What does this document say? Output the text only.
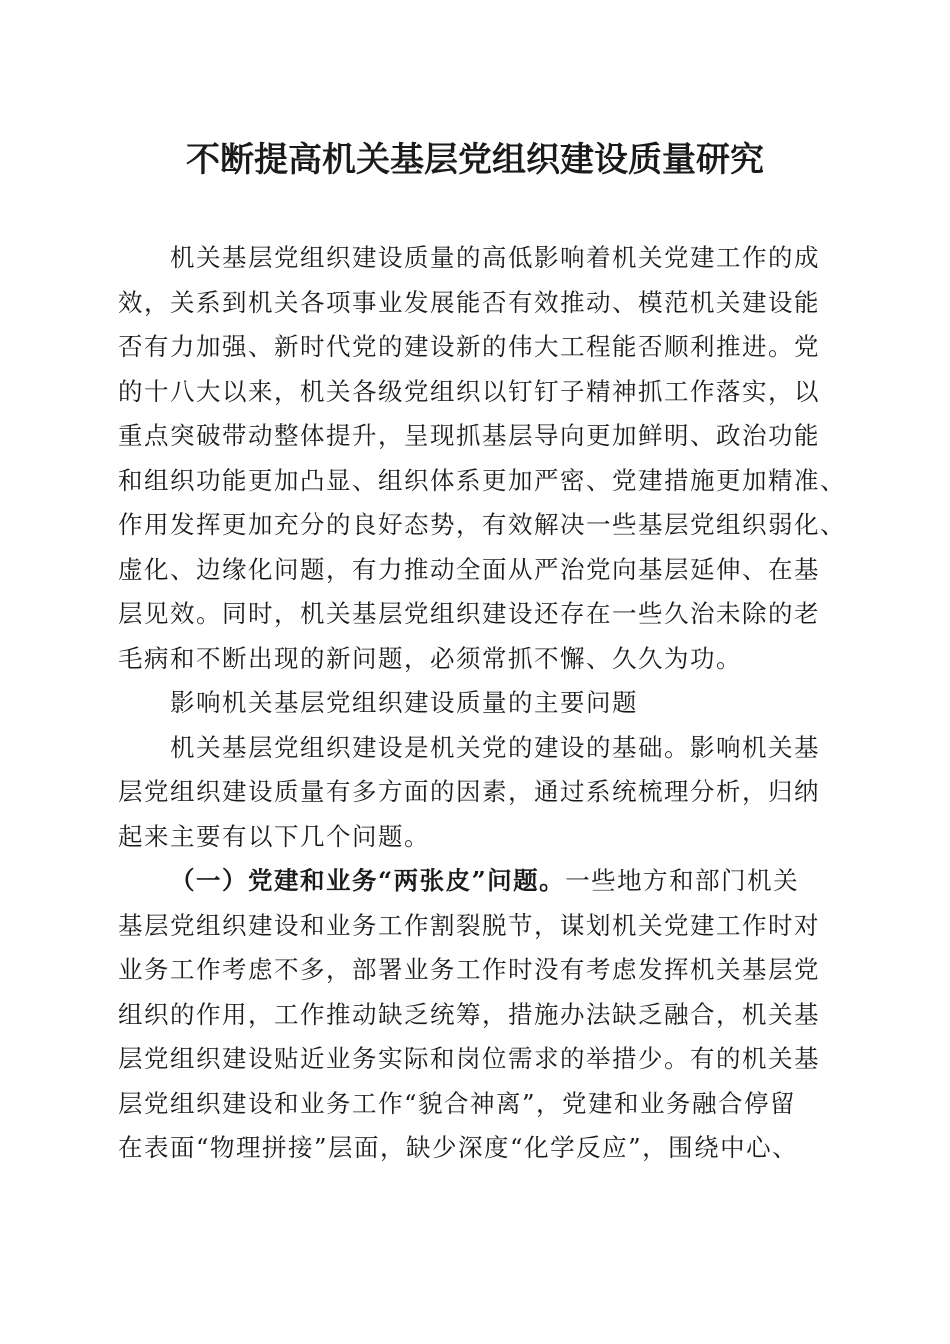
不断提高机关基层党组织建设质量研究
机关基层党组织建设质量的高低影响着机关党建工作的成
效，关系到机关各项事业发展能否有效推动、模范机关建设能
否有力加强、新时代党的建设新的伟大工程能否顺利推进。党
的十八大以来，机关各级党组织以钉钉子精神抓工作落实，以
重点突破带动整体提升，呈现抓基层导向更加鲜明、政治功能
和组织功能更加凸显、组织体系更加严密、党建措施更加精准、
作用发挥更加充分的良好态势，有效解决一些基层党组织弱化、
虚化、边缘化问题，有力推动全面从严治党向基层延伸、在基
层见效。同时，机关基层党组织建设还存在一些久治未除的老
毛病和不断出现的新问题，必须常抓不懈、久久为功。
影响机关基层党组织建设质量的主要问题
机关基层党组织建设是机关党的建设的基础。影响机关基
层党组织建设质量有多方面的因素，通过系统梳理分析，归纳
起来主要有以下几个问题。
（一）党建和业务“两张皮”问题。一些地方和部门机关
基层党组织建设和业务工作割裂脱节，谋划机关党建工作时对
业务工作考虑不多，部署业务工作时没有考虑发挥机关基层党
组织的作用，工作推动缺乏统筹，措施办法缺乏融合，机关基
层党组织建设贴近业务实际和岗位需求的举措少。有的机关基
层党组织建设和业务工作“貌合神离”，党建和业务融合停留
在表面“物理拼接”层面，缺少深度“化学反应”，围绕中心、
